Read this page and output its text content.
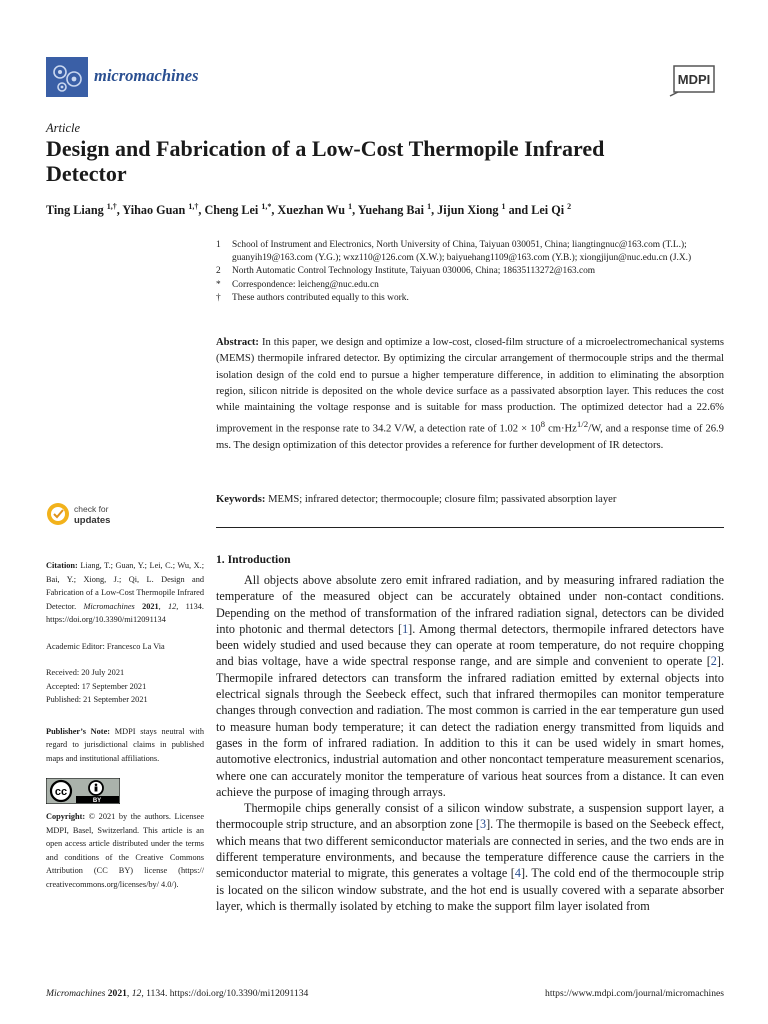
micromachines	MDPI
Article
Design and Fabrication of a Low-Cost Thermopile Infrared Detector
Ting Liang $^{1,\dagger}$, Yihao Guan $^{1,\dagger}$, Cheng Lei $^{1,*}$, Xuezhan Wu $^1$, Yuehang Bai $^1$, Jijun Xiong $^1$ and Lei Qi $^2$
1	School of Instrument and Electronics, North University of China, Taiyuan 030051, China; liangtingnuc@163.com (T.L.); guanyih19@163.com (Y.G.); wxz110@126.com (X.W.); baiyuehang1109@163.com (Y.B.); xiongjijun@nuc.edu.cn (J.X.)
2	North Automatic Control Technology Institute, Taiyuan 030006, China; 18635113272@163.com
*	Correspondence: leicheng@nuc.edu.cn
†	These authors contributed equally to this work.

Abstract: In this paper, we design and optimize a low-cost, closed-film structure of a microelectromechanical systems (MEMS) thermopile infrared detector. By optimizing the circular arrangement of thermocouple strips and the thermal isolation design of the cold end to pursue a higher temperature difference, in addition to eliminating the absorption region, silicon nitride is deposited on the whole device surface as a passivated absorption layer. This reduces the cost while maintaining the voltage response and is suitable for mass production. The optimized detector had a 22.6% improvement in the response rate to 34.2 V/W, a detection rate of $1.02 \times 10^8$ $cm\cdot Hz^{1/2}/W$, and a response time of 26.9 ms. The design optimization of this detector provides a reference for further development of IR detectors.

Keywords: MEMS; infrared detector; thermocouple; closure film; passivated absorption layer

check for
updates

Citation: Liang, T.; Guan, Y.; Lei, C.; Wu, X.; Bai, Y.; Xiong, J.; Qi, L. Design and Fabrication of a Low-Cost Thermopile Infrared Detector. Micromachines 2021, 12, 1134. https://doi.org/10.3390/mi12091134

Academic Editor: Francesco La Via

Received: 20 July 2021
Accepted: 17 September 2021
Published: 21 September 2021

Publisher’s Note: MDPI stays neutral with regard to jurisdictional claims in published maps and institutional affiliations.

cc
BY

Copyright: © 2021 by the authors. Licensee MDPI, Basel, Switzerland. This article is an open access article distributed under the terms and conditions of the Creative Commons Attribution (CC BY) license (https:// creativecommons.org/licenses/by/ 4.0/).

1. Introduction

All objects above absolute zero emit infrared radiation, and by measuring infrared radiation the temperature of the measured object can be accurately obtained under non-contact conditions. Depending on the method of transformation of the infrared radiation signal, detectors can be divided into photonic and thermal detectors [1]. Among thermal detectors, thermopile infrared detectors have been widely studied and used because they can operate at room temperature, do not require chopping and bias voltage, have a wide spectral response range, and are simple and convenient to operate [2]. Thermopile infrared detectors can transform the infrared radiation emitted by external objects into electrical signals through the Seebeck effect, such that infrared thermopiles can monitor temperature changes through convection and radiation. The most common is carried in the ear temperature gun used to measure human body temperature; it can detect the radiation energy transmitted from liquids and gases in the form of infrared radiation. In addition to this it can be used widely in smart homes, automotive electronics, industrial automation and other noncontact temperature measurement scenarios, where one can accurately monitor the temperature of various heat sources from a distance. It can even achieve the purpose of imaging through arrays.

Thermopile chips generally consist of a silicon window substrate, a suspension support layer, a thermocouple strip structure, and an absorption zone [3]. The thermopile is based on the Seebeck effect, which means that two different semiconductor materials are connected in series, and the two ends are in different temperature environments, and because the temperature difference cause the carriers in the semiconductor material to migrate, this generates a voltage [4]. The cold end of the thermocouple strip is located on the silicon window substrate, and the hot end is usually covered with a separate absorber layer, which is thermally isolated by etching to make the support film layer isolated from

Micromachines 2021, 12, 1134. https://doi.org/10.3390/mi12091134	https://www.mdpi.com/journal/micromachines
